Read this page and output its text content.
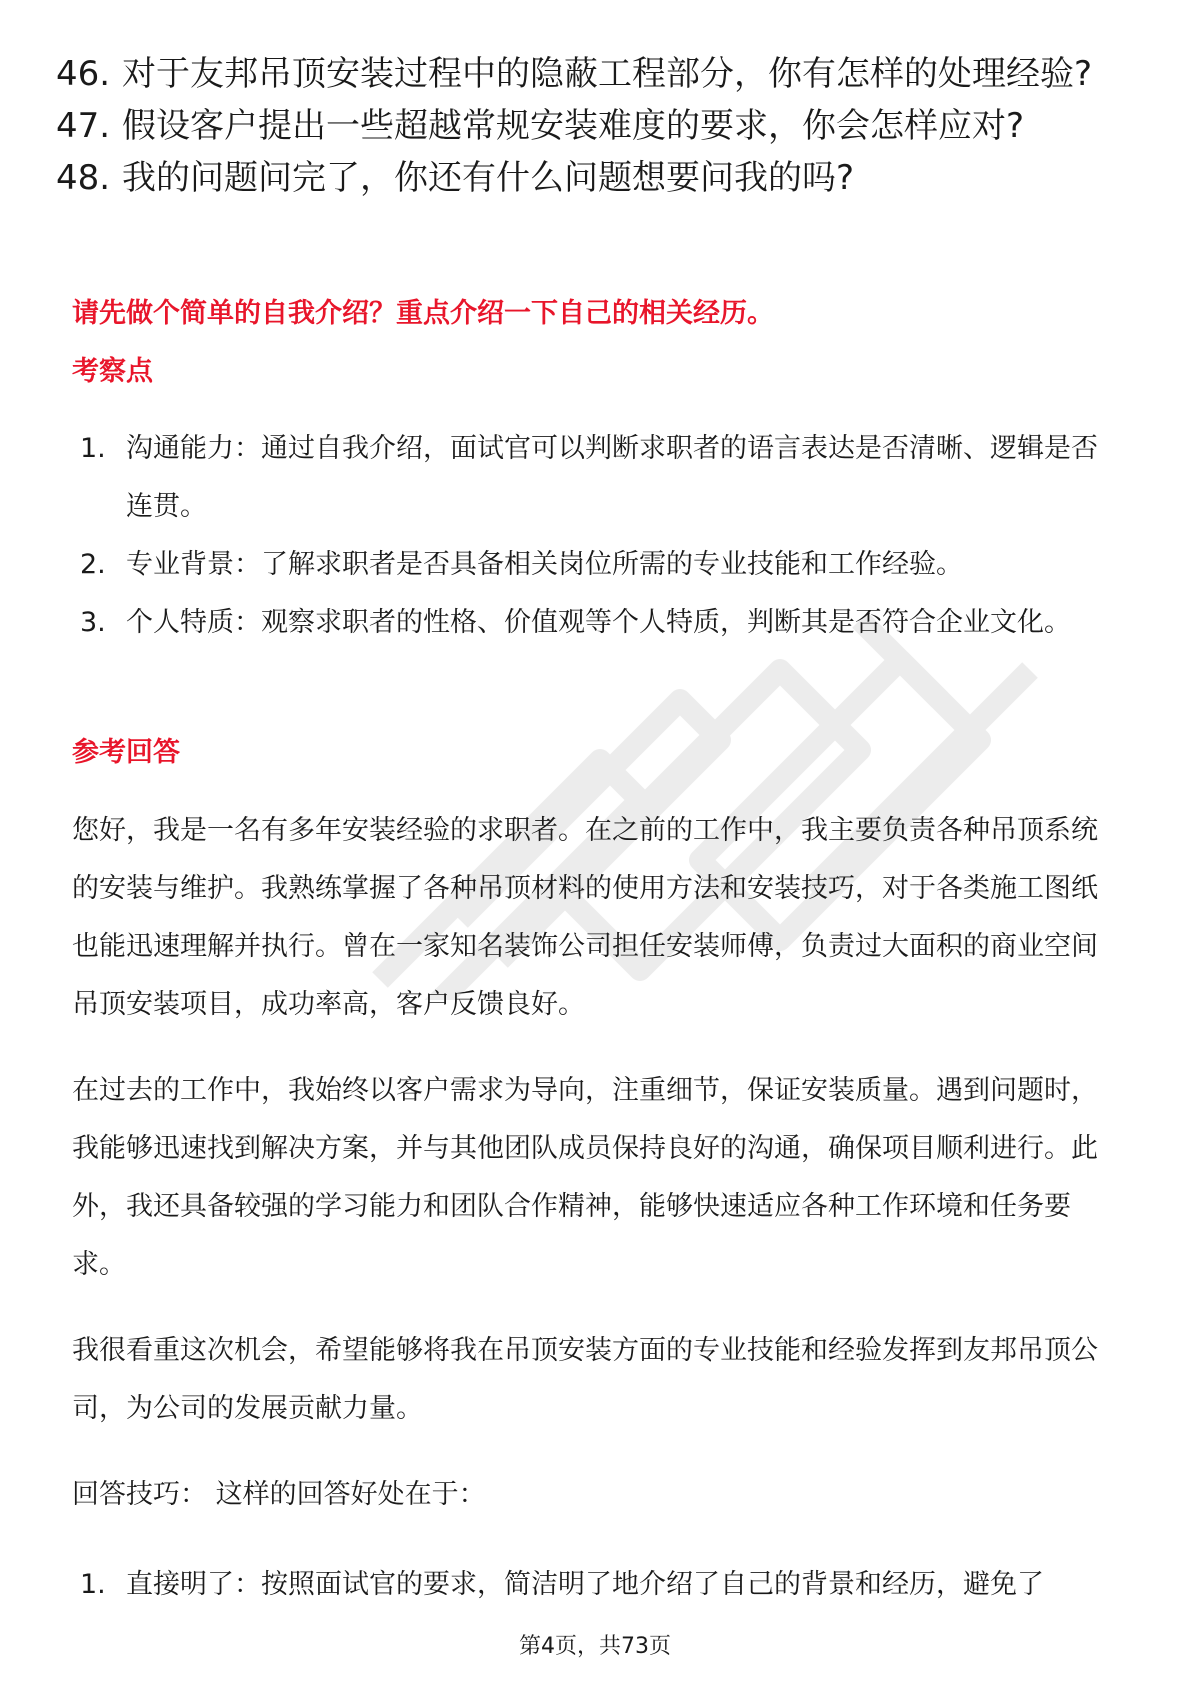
46. 对于友邦吊顶安装过程中的隐蔽工程部分，你有怎样的处理经验?
47. 假设客户提出一些超越常规安装难度的要求，你会怎样应对?
48. 我的问题问完了，你还有什么问题想要问我的吗?
请先做个简单的自我介绍？重点介绍一下自己的相关经历。
考察点
1. 沟通能力：通过自我介绍，面试官可以判断求职者的语言表达是否清晰、逻辑是否连贯。
2. 专业背景：了解求职者是否具备相关岗位所需的专业技能和工作经验。
3. 个人特质：观察求职者的性格、价值观等个人特质，判断其是否符合企业文化。
参考回答

您好，我是一名有多年安装经验的求职者。在之前的工作中，我主要负责各种吊顶系统的安装与维护。我熟练掌握了各种吊顶材料的使用方法和安装技巧，对于各类施工图纸也能迅速理解并执行。曾在一家知名装饰公司担任安装师傅，负责过大面积的商业空间吊顶安装项目，成功率高，客户反馈良好。

在过去的工作中，我始终以客户需求为导向，注重细节，保证安装质量。遇到问题时，我能够迅速找到解决方案，并与其他团队成员保持良好的沟通，确保项目顺利进行。此外，我还具备较强的学习能力和团队合作精神，能够快速适应各种工作环境和任务要求。

我很看重这次机会，希望能够将我在吊顶安装方面的专业技能和经验发挥到友邦吊顶公司，为公司的发展贡献力量。

回答技巧： 这样的回答好处在于：

1. 直接明了：按照面试官的要求，简洁明了地介绍了自己的背景和经历，避免了
第4页，共73页
